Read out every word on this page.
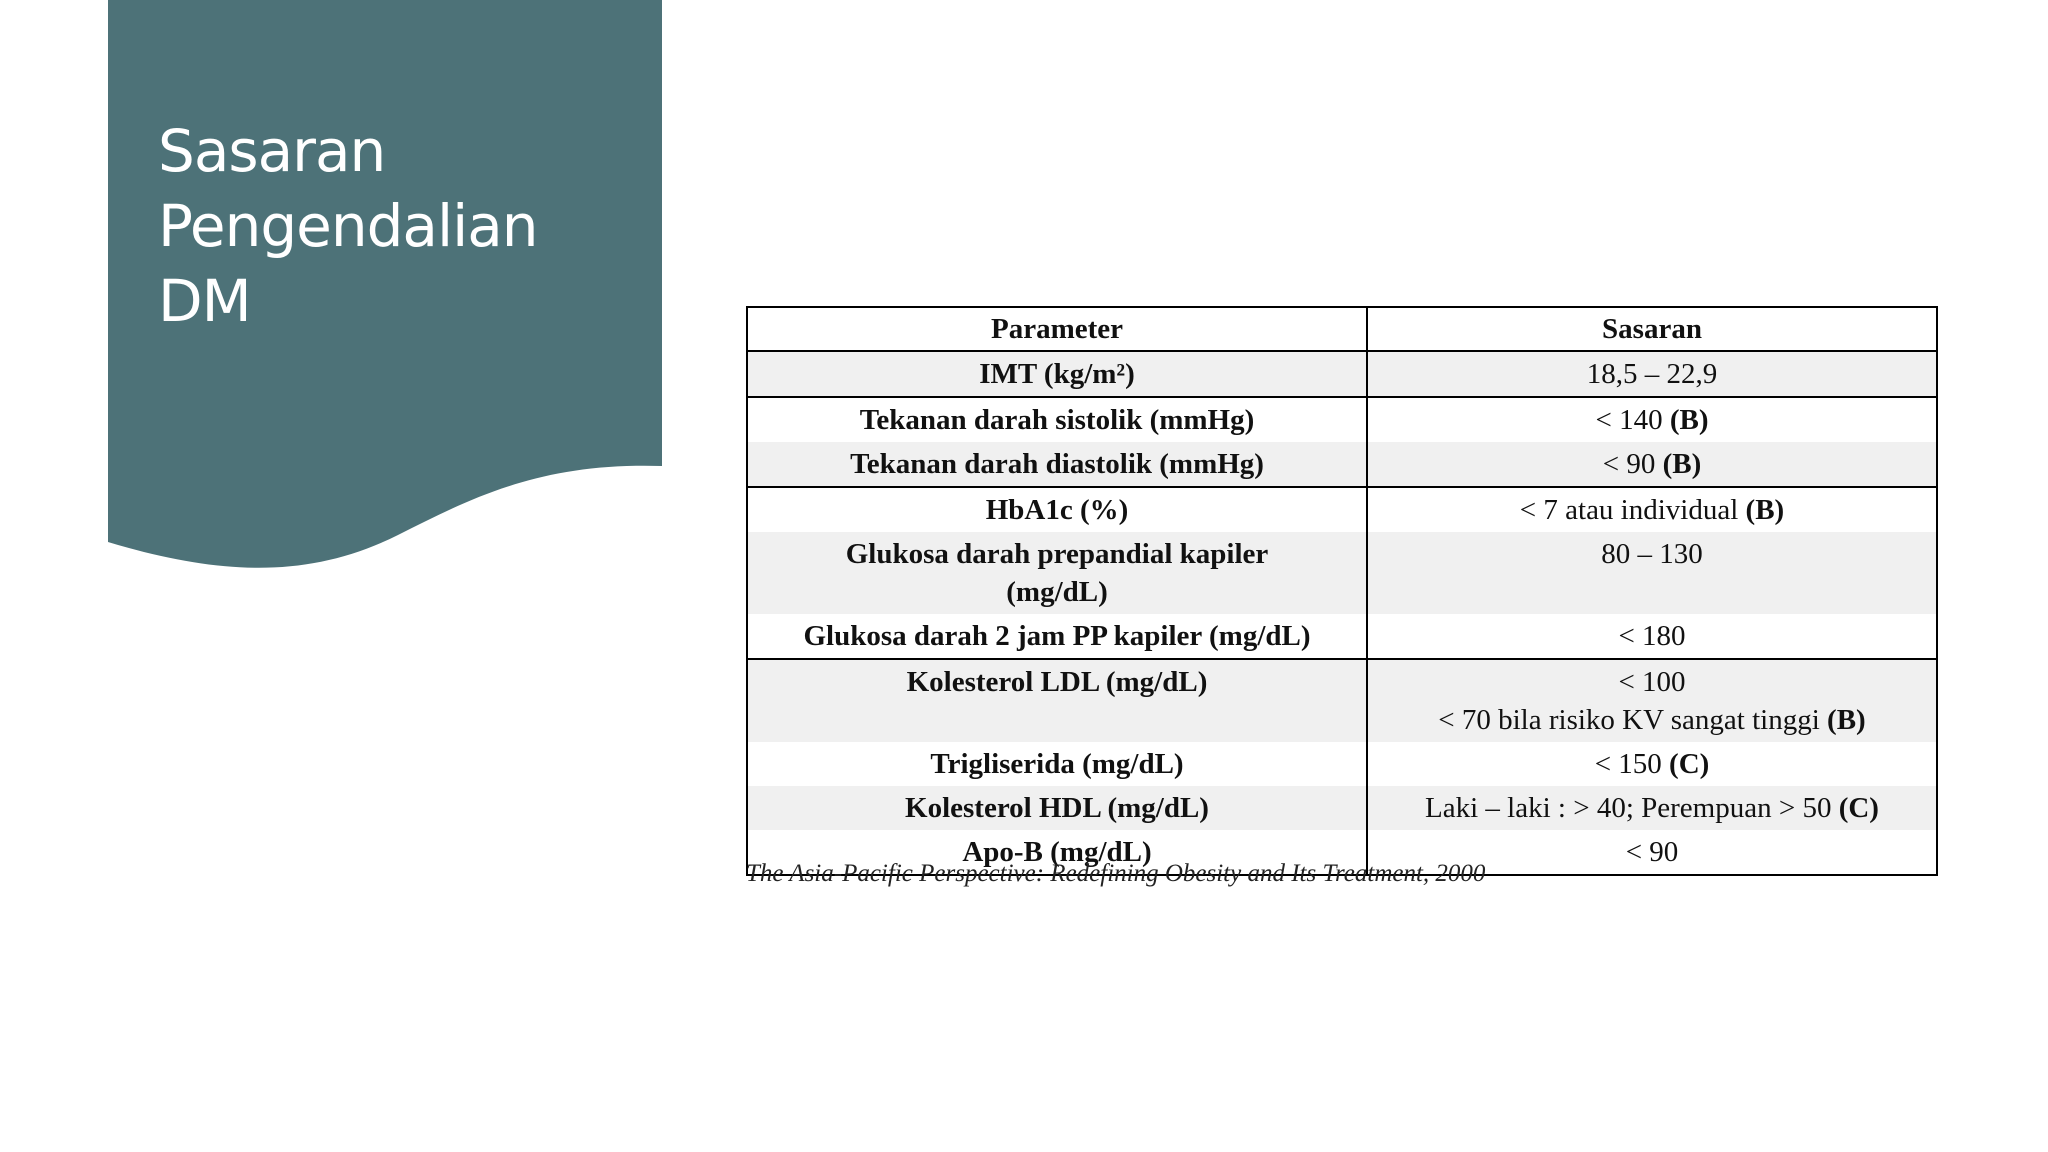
Sasaran
Pengendalian
DM	Parameter	Sasaran

IMT (kg/m²)	18,5 – 22,9

Tekanan darah sistolik (mmHg)	< 140 (B)

Tekanan darah diastolik (mmHg)	< 90 (B)

HbA1c (%)	< 7 atau individual (B)

Glukosa darah prepandial kapiler
(mg/dL)	80 – 130

Glukosa darah 2 jam PP kapiler (mg/dL)	< 180

Kolesterol LDL (mg/dL)	< 100
< 70 bila risiko KV sangat tinggi (B)

Trigliserida (mg/dL)	< 150 (C)

Kolesterol HDL (mg/dL)	Laki – laki : > 40; Perempuan > 50 (C)

Apo-B (mg/dL)	< 90
The Asia-Pacific Perspective: Redefining Obesity and Its Treatment, 2000
